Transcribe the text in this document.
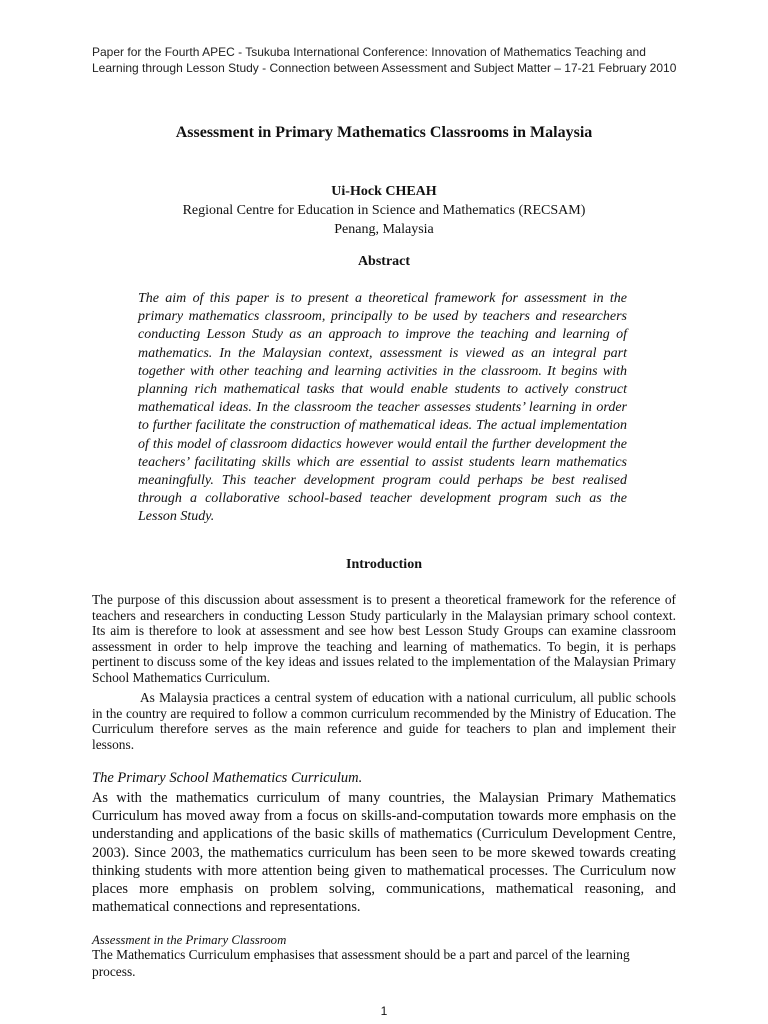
Paper for the Fourth APEC - Tsukuba International Conference: Innovation of Mathematics Teaching and
Learning through Lesson Study - Connection between Assessment and Subject Matter – 17-21 February 2010
Assessment in Primary Mathematics Classrooms in Malaysia
Ui-Hock CHEAH
Regional Centre for Education in Science and Mathematics (RECSAM)
Penang, Malaysia
Abstract

The aim of this paper is to present a theoretical framework for assessment in the primary mathematics classroom, principally to be used by teachers and researchers conducting Lesson Study as an approach to improve the teaching and learning of mathematics. In the Malaysian context, assessment is viewed as an integral part together with other teaching and learning activities in the classroom. It begins with planning rich mathematical tasks that would enable students to actively construct mathematical ideas. In the classroom the teacher assesses students’ learning in order to further facilitate the construction of mathematical ideas. The actual implementation of this model of classroom didactics however would entail the further development the teachers’ facilitating skills which are essential to assist students learn mathematics meaningfully. This teacher development program could perhaps be best realised through a collaborative school-based teacher development program such as the Lesson Study.

Introduction

The purpose of this discussion about assessment is to present a theoretical framework for the reference of teachers and researchers in conducting Lesson Study particularly in the Malaysian primary school context. Its aim is therefore to look at assessment and see how best Lesson Study Groups can examine classroom assessment in order to help improve the teaching and learning of mathematics. To begin, it is perhaps pertinent to discuss some of the key ideas and issues related to the implementation of the Malaysian Primary School Mathematics Curriculum.

As Malaysia practices a central system of education with a national curriculum, all public schools in the country are required to follow a common curriculum recommended by the Ministry of Education. The Curriculum therefore serves as the main reference and guide for teachers to plan and implement their lessons.

The Primary School Mathematics Curriculum.

As with the mathematics curriculum of many countries, the Malaysian Primary Mathematics Curriculum has moved away from a focus on skills-and-computation towards more emphasis on the understanding and applications of the basic skills of mathematics (Curriculum Development Centre, 2003). Since 2003, the mathematics curriculum has been seen to be more skewed towards creating thinking students with more attention being given to mathematical processes. The Curriculum now places more emphasis on problem solving, communications, mathematical reasoning, and mathematical connections and representations.

Assessment in the Primary Classroom

The Mathematics Curriculum emphasises that assessment should be a part and parcel of the learning process.

1
